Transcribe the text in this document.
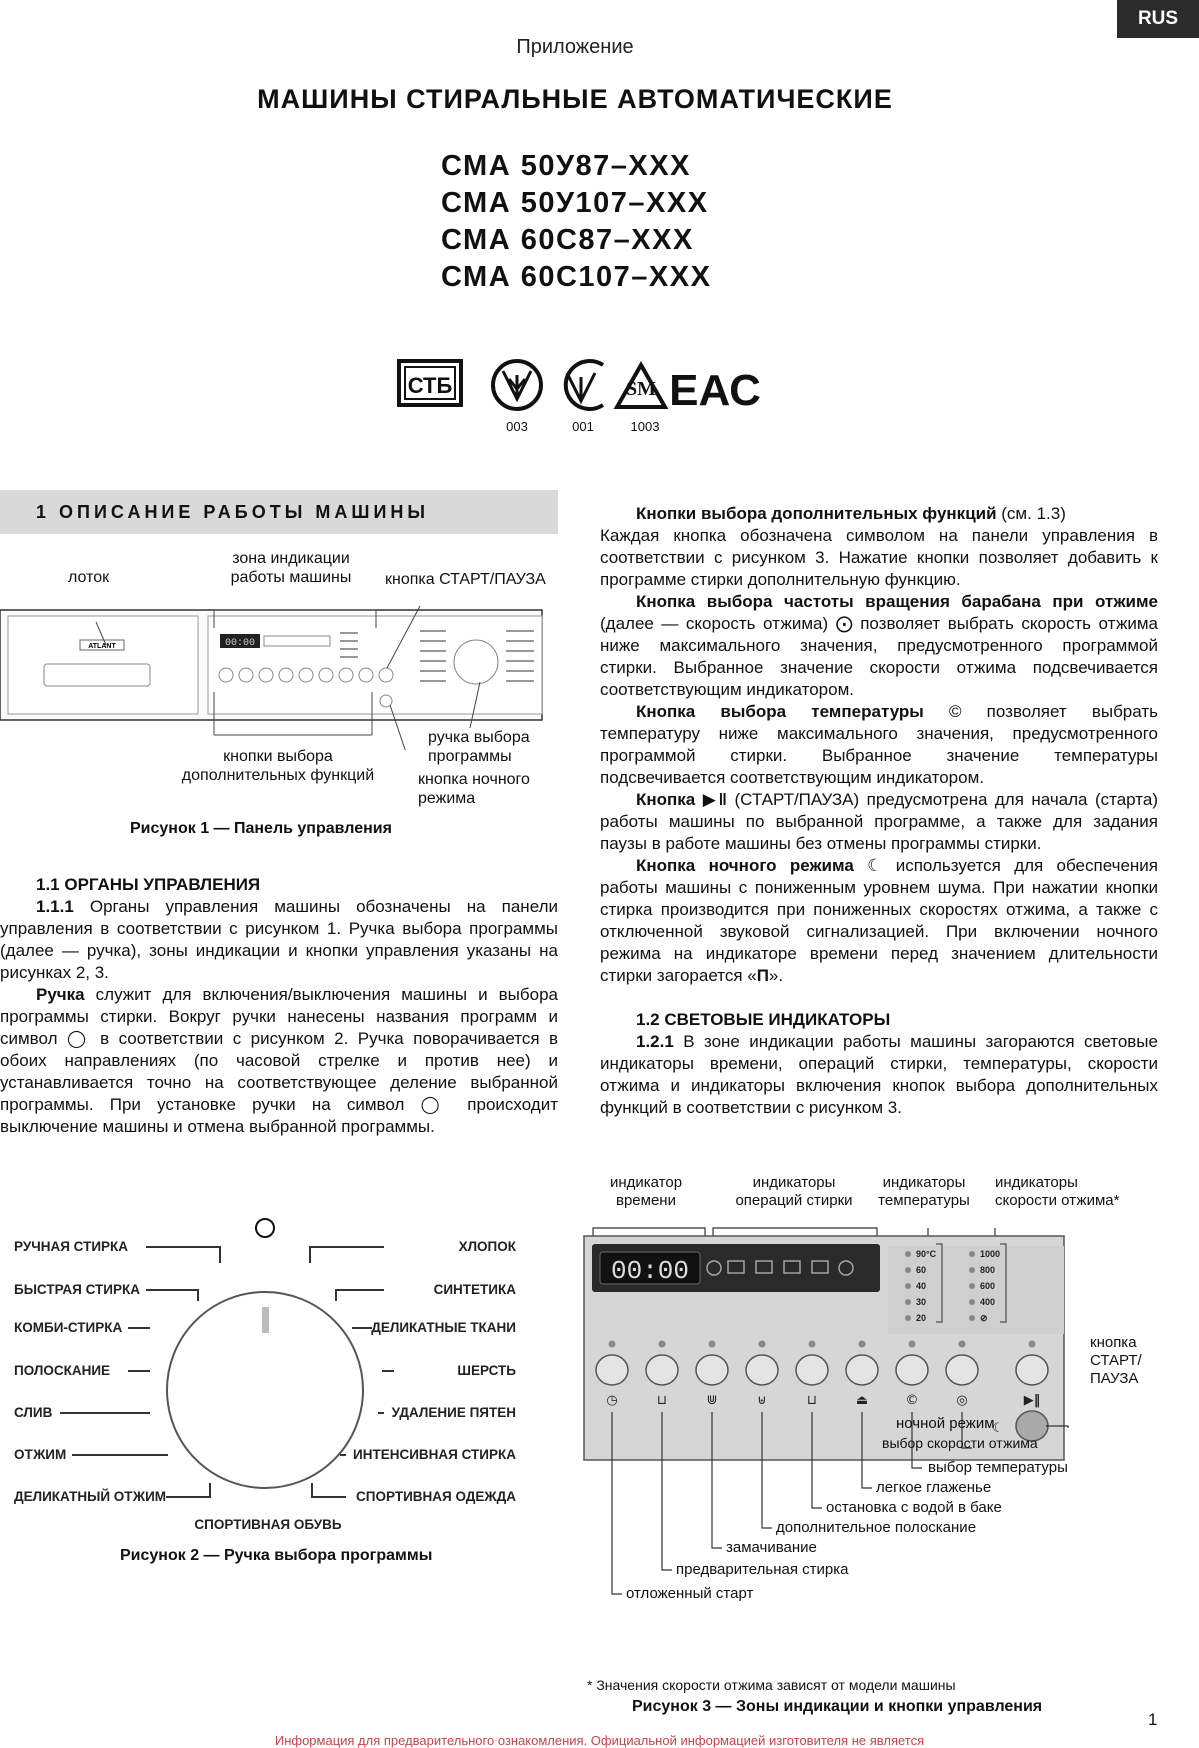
RUS
Приложение
МАШИНЫ СТИРАЛЬНЫЕ АВТОМАТИЧЕСКИЕ
СМА 50У87–XXX
СМА 50У107–XXX
СМА 60С87–XXX
СМА 60С107–XXX
СТБ
003	001
SM
1003
ЕАС
1 ОПИСАНИЕ РАБОТЫ МАШИНЫ
лоток
зона индикации
работы машины	кнопка СТАРТ/ПАУЗА
ручка выбора
программы
кнопка ночного
режима
кнопки выбора
дополнительных функций
ATLANT	00:00
Рисунок 1 — Панель управления

1.1 ОРГАНЫ УПРАВЛЕНИЯ

1.1.1 Органы управления машины обозначены на панели управления в соответствии с рисунком 1. Ручка выбора программы (далее — ручка), зоны индикации и кнопки управления указаны на рисунках 2, 3.

Ручка служит для включения/выключения машины и выбора программы стирки. Вокруг ручки нанесены названия программ и символ ◯ в соответствии с рисунком 2. Ручка поворачивается в обоих направлениях (по часовой стрелке и против нее) и устанавливается точно на соответствующее деление выбранной программы. При установке ручки на символ ◯ происходит выключение машины и отмена выбранной программы.

Кнопки выбора дополнительных функций (см. 1.3)

Каждая кнопка обозначена символом на панели управления в соответствии с рисунком 3. Нажатие кнопки позволяет добавить к программе стирки дополнительную функцию.

Кнопка выбора частоты вращения барабана при отжиме (далее — скорость отжима) ⨀ позволяет выбрать скорость отжима ниже максимального значения, предусмотренного программой стирки. Выбранное значение скорости отжима подсвечивается соответствующим индикатором.

Кнопка выбора температуры © позволяет выбрать температуру ниже максимального значения, предусмотренного программой стирки. Выбранное значение температуры подсвечивается соответствующим индикатором.

Кнопка ▶‖ (СТАРТ/ПАУЗА) предусмотрена для начала (старта) работы машины по выбранной программе, а также для задания паузы в работе машины без отмены программы стирки.

Кнопка ночного режима ☾ используется для обеспечения работы машины с пониженным уровнем шума. При нажатии кнопки стирка производится при пониженных скоростях отжима, а также с отключенной звуковой сигнализацией. При включении ночного режима на индикаторе времени перед значением длительности стирки загорается «П».

1.2 СВЕТОВЫЕ ИНДИКАТОРЫ

1.2.1 В зоне индикации работы машины загораются световые индикаторы времени, операций стирки, температуры, скорости отжима и индикаторы включения кнопок выбора дополнительных функций в соответствии с рисунком 3.

РУЧНАЯ СТИРКА
БЫСТРАЯ СТИРКА
КОМБИ-СТИРКА
ПОЛОСКАНИЕ
СЛИВ
ОТЖИМ
ДЕЛИКАТНЫЙ ОТЖИМ
ХЛОПОК
СИНТЕТИКА
ДЕЛИКАТНЫЕ ТКАНИ
ШЕРСТЬ
УДАЛЕНИЕ ПЯТЕН
ИНТЕНСИВНАЯ СТИРКА
СПОРТИВНАЯ ОДЕЖДА
СПОРТИВНАЯ ОБУВЬ
Рисунок 2 — Ручка выбора программы
индикатор
времени
индикаторы
операций стирки
индикаторы
температуры
индикаторы
скорости отжима*
00:00
90°C
60
40
30
20
1000
800
600
400
⊘
◷	⊔	⋓	⊎	⊔	⏏	©	◎	▶‖
☾
ночной режим
выбор скорости отжима
выбор температуры
легкое глаженье
остановка с водой в баке
дополнительное полоскание
замачивание
предварительная стирка
отложенный старт
кнопка
СТАРТ/
ПАУЗА
* Значения скорости отжима зависят от модели машины
Рисунок 3 — Зоны индикации и кнопки управления
1
Информация для предварительного ознакомления. Официальной информацией изготовителя не является
